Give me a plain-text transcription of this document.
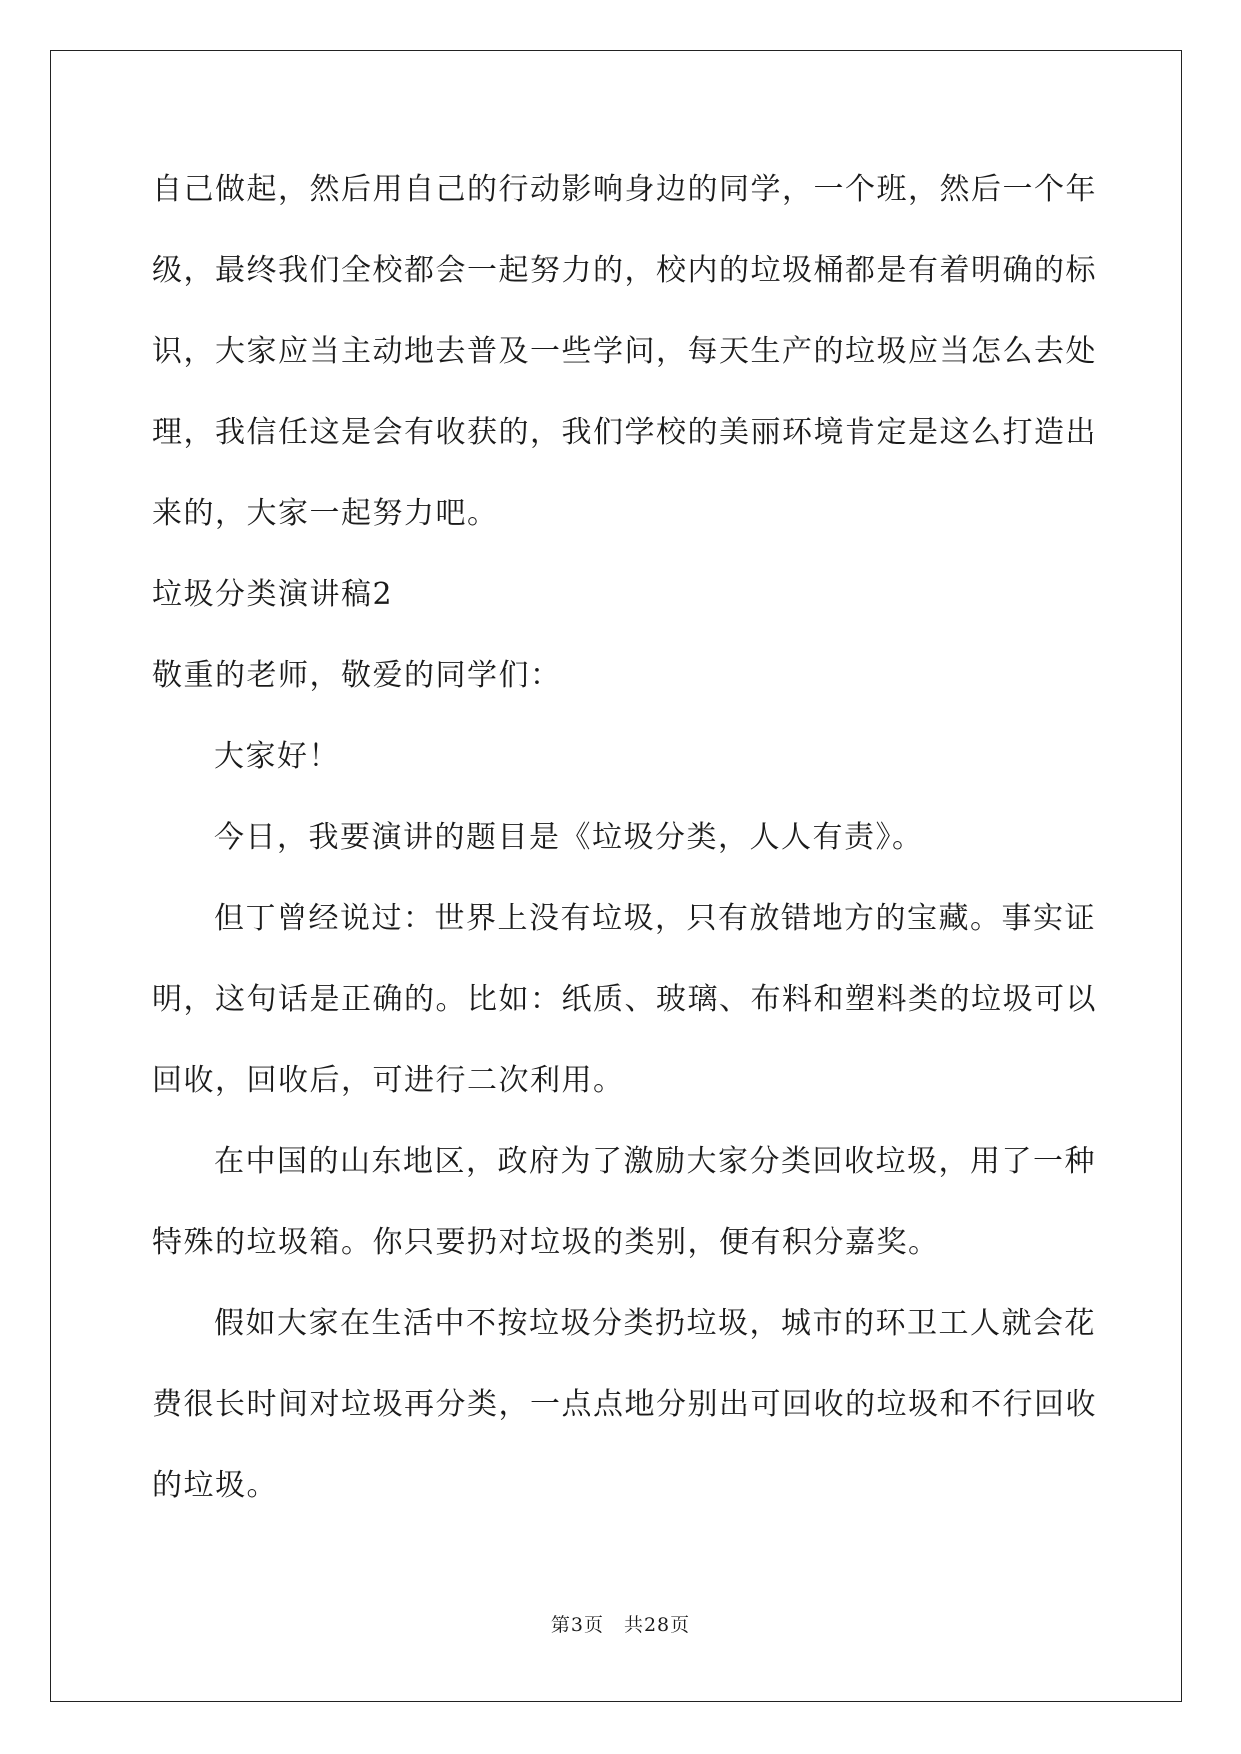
自己做起，然后用自己的行动影响身边的同学，一个班，然后一个年
级，最终我们全校都会一起努力的，校内的垃圾桶都是有着明确的标
识，大家应当主动地去普及一些学问，每天生产的垃圾应当怎么去处
理，我信任这是会有收获的，我们学校的美丽环境肯定是这么打造出
来的，大家一起努力吧。
垃圾分类演讲稿2
敬重的老师，敬爱的同学们：
大家好！
今日，我要演讲的题目是《垃圾分类，人人有责》。
但丁曾经说过：世界上没有垃圾，只有放错地方的宝藏。事实证
明，这句话是正确的。比如：纸质、玻璃、布料和塑料类的垃圾可以
回收，回收后，可进行二次利用。
在中国的山东地区，政府为了激励大家分类回收垃圾，用了一种
特殊的垃圾箱。你只要扔对垃圾的类别，便有积分嘉奖。
假如大家在生活中不按垃圾分类扔垃圾，城市的环卫工人就会花
费很长时间对垃圾再分类，一点点地分别出可回收的垃圾和不行回收
的垃圾。
第3页　共28页
